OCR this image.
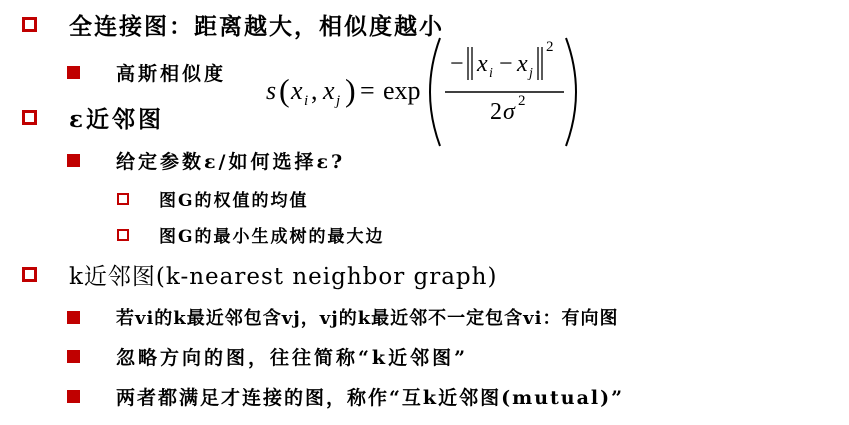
全连接图：距离越大，相似度越小
高斯相似度
ε近邻图
给定参数ε/如何选择ε?
图G的权值的均值
图G的最小生成树的最大边
k近邻图(k-nearest neighbor graph)
若vi的k最近邻包含vj，vj的k最近邻不一定包含vi：有向图
忽略方向的图，往往简称“k近邻图”
两者都满足才连接的图，称作“互k近邻图(mutual)”
s ( x i , x j ) = exp
− x i − x j
2
2 σ 2
